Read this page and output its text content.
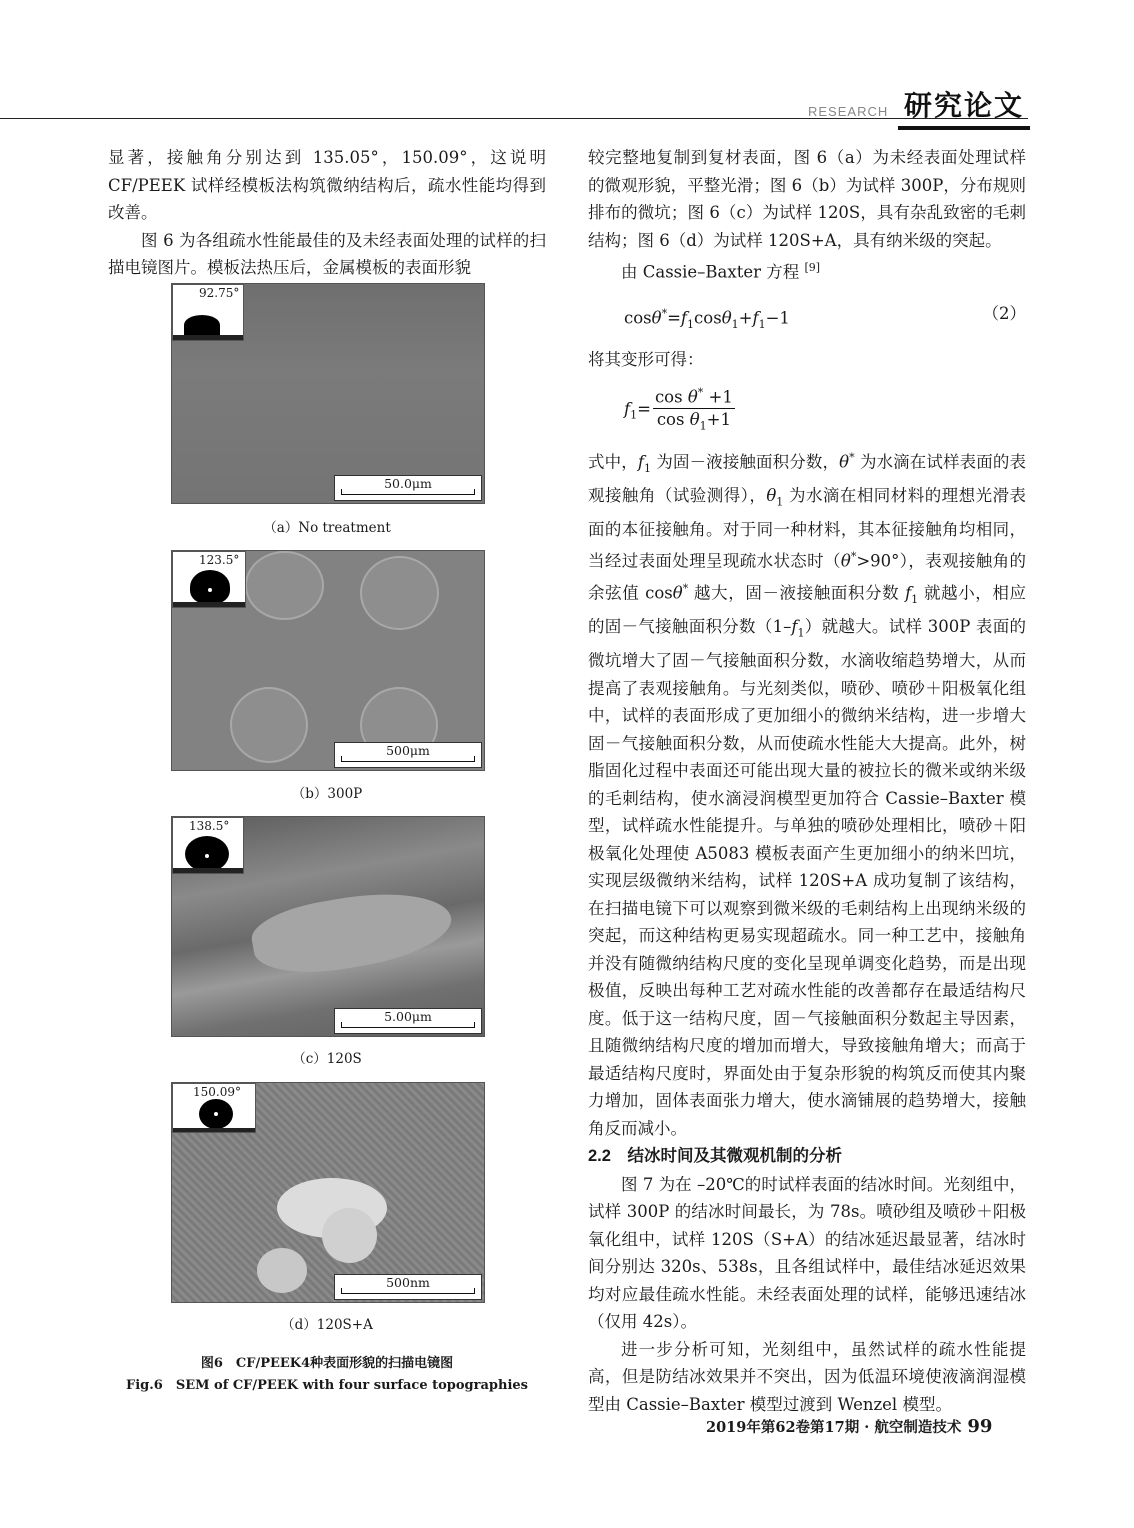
RESEARCH 研究论文

显著，接触角分别达到 135.05°，150.09°，这说明 CF/PEEK 试样经模板法构筑微纳结构后，疏水性能均得到改善。

图 6 为各组疏水性能最佳的及未经表面处理的试样的扫描电镜图片。模板法热压后，金属模板的表面形貌

92.75°
50.0μm
（a）No treatment
123.5°
500μm
（b）300P
138.5°
5.00μm
（c）120S
150.09°
500nm
（d）120S+A
图6　CF/PEEK4种表面形貌的扫描电镜图
Fig.6　SEM of CF/PEEK with four surface topographies

较完整地复制到复材表面，图 6（a）为未经表面处理试样的微观形貌，平整光滑；图 6（b）为试样 300P，分布规则排布的微坑；图 6（c）为试样 120S，具有杂乱致密的毛刺结构；图 6（d）为试样 120S+A，具有纳米级的突起。

由 Cassie–Baxter 方程 [9]

$\cos\theta^*=f_1\cos\theta_1+f_1-1$	（2）

将其变形可得：

$f_1= \frac{\cos \theta^* +1}{\cos \theta_1+1}$

式中，$f_1$ 为固－液接触面积分数，θ* 为水滴在试样表面的表观接触角（试验测得），$\theta_1$ 为水滴在相同材料的理想光滑表面的本征接触角。对于同一种材料，其本征接触角均相同，当经过表面处理呈现疏水状态时（θ*>90°），表观接触角的余弦值 cosθ* 越大，固－液接触面积分数 $f_1$ 就越小，相应的固－气接触面积分数$(1-f_1)$就越大。试样 300P 表面的微坑增大了固－气接触面积分数，水滴收缩趋势增大，从而提高了表观接触角。与光刻类似，喷砂、喷砂＋阳极氧化组中，试样的表面形成了更加细小的微纳米结构，进一步增大固－气接触面积分数，从而使疏水性能大大提高。此外，树脂固化过程中表面还可能出现大量的被拉长的微米或纳米级的毛刺结构，使水滴浸润模型更加符合 Cassie–Baxter 模型，试样疏水性能提升。与单独的喷砂处理相比，喷砂＋阳极氧化处理使 A5083 模板表面产生更加细小的纳米凹坑，实现层级微纳米结构，试样 120S+A 成功复制了该结构，在扫描电镜下可以观察到微米级的毛刺结构上出现纳米级的突起，而这种结构更易实现超疏水。同一种工艺中，接触角并没有随微纳结构尺度的变化呈现单调变化趋势，而是出现极值，反映出每种工艺对疏水性能的改善都存在最适结构尺度。低于这一结构尺度，固－气接触面积分数起主导因素，且随微纳结构尺度的增加而增大，导致接触角增大；而高于最适结构尺度时，界面处由于复杂形貌的构筑反而使其内聚力增加，固体表面张力增大，使水滴铺展的趋势增大，接触角反而减小。

2.2　 结冰时间及其微观机制的分析

图 7 为在 –20℃的时试样表面的结冰时间。光刻组中，试样 300P 的结冰时间最长，为 78s。喷砂组及喷砂＋阳极氧化组中，试样 120S（S+A）的结冰延迟最显著，结冰时间分别达 320s、538s，且各组试样中，最佳结冰延迟效果均对应最佳疏水性能。未经表面处理的试样，能够迅速结冰（仅用 42s）。

进一步分析可知，光刻组中，虽然试样的疏水性能提高，但是防结冰效果并不突出，因为低温环境使液滴润湿模型由 Cassie–Baxter 模型过渡到 Wenzel 模型。

2019年第62卷第17期 · 航空制造技术 99
